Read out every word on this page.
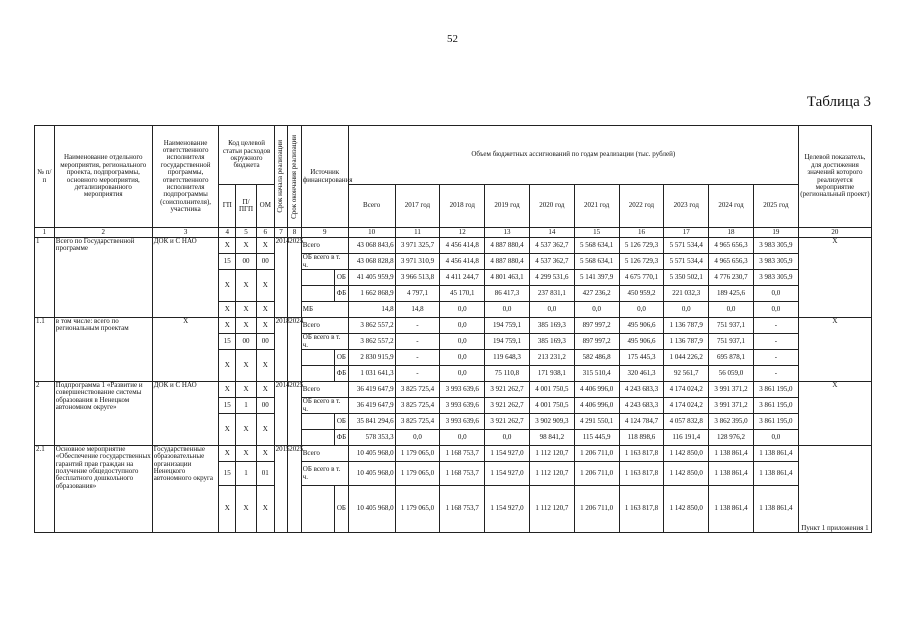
52
Таблица 3
№ п/п	Наименование отдельного мероприятия, регионального проекта, подпрограммы, основного мероприятия, детализированного мероприятия	Наименование ответственного исполнителя государственной программы, ответственного исполнителя подпрограммы (соисполнителя), участника	Код целевой статьи расходов окружного бюджета			Срок начала реализации	Срок окончания реализации	Источник финансирования		Объем бюджетных ассигнований по годам реализации (тыс. рублей)										Целевой показатель, для достижения значений которого реализуется мероприятие (региональный проект)
			ГП	П/ ПГП	ОМ					Всего	2017 год	2018 год	2019 год	2020 год	2021 год	2022 год	2023 год	2024 год	2025 год	
1	2	3	4	5	6	7	8	9		10	11	12	13	14	15	16	17	18	19	20
1	Всего по Государственной программе	ДОК и С НАО	X	X	X	2014	2025	Всего		43 068 843,6	3 971 325,7	4 456 414,8	4 887 880,4	4 537 362,7	5 568 634,1	5 126 729,3	5 571 534,4	4 965 656,3	3 983 305,9	X
			15	00	00			ОБ всего в т. ч.		43 068 828,8	3 971 310,9	4 456 414,8	4 887 880,4	4 537 362,7	5 568 634,1	5 126 729,3	5 571 534,4	4 965 656,3	3 983 305,9	
			X	X	X				ОБ	41 405 959,9	3 966 513,8	4 411 244,7	4 801 463,1	4 299 531,6	5 141 397,9	4 675 770,1	5 350 502,1	4 776 230,7	3 983 305,9	
									ФБ	1 662 868,9	4 797,1	45 170,1	86 417,3	237 831,1	427 236,2	450 959,2	221 032,3	189 425,6	0,0	
			X	X	X			МБ		14,8	14,8	0,0	0,0	0,0	0,0	0,0	0,0	0,0	0,0	
1.1	в том числе: всего по региональным проектам	X	X	X	X	2018	2024	Всего		3 862 557,2	-	0,0	194 759,1	385 169,3	897 997,2	495 906,6	1 136 787,9	751 937,1	-	X
			15	00	00			ОБ всего в т. ч.		3 862 557,2	-	0,0	194 759,1	385 169,3	897 997,2	495 906,6	1 136 787,9	751 937,1	-	
			X	X	X				ОБ	2 830 915,9	-	0,0	119 648,3	213 231,2	582 486,8	175 445,3	1 044 226,2	695 878,1	-	
									ФБ	1 031 641,3	-	0,0	75 110,8	171 938,1	315 510,4	320 461,3	92 561,7	56 059,0	-	
2	Подпрограмма 1 «Развитие и совершенствование системы образования в Ненецком автономном округе»	ДОК и С НАО	X	X	X	2014	2025	Всего		36 419 647,9	3 825 725,4	3 993 639,6	3 921 262,7	4 001 750,5	4 406 996,0	4 243 683,3	4 174 024,2	3 991 371,2	3 861 195,0	X
			15	1	00			ОБ всего в т. ч.		36 419 647,9	3 825 725,4	3 993 639,6	3 921 262,7	4 001 750,5	4 406 996,0	4 243 683,3	4 174 024,2	3 991 371,2	3 861 195,0	
			X	X	X				ОБ	35 841 294,6	3 825 725,4	3 993 639,6	3 921 262,7	3 902 909,3	4 291 550,1	4 124 784,7	4 057 832,8	3 862 395,0	3 861 195,0	
									ФБ	578 353,3	0,0	0,0	0,0	98 841,2	115 445,9	118 898,6	116 191,4	128 976,2	0,0	
2.1	Основное мероприятие «Обеспечение государственных гарантий прав граждан на получение общедоступного бесплатного дошкольного образования»	Государственные образовательные организации Ненецкого автономного округа	X	X	X	2015	2025	Всего		10 405 968,0	1 179 065,0	1 168 753,7	1 154 927,0	1 112 120,7	1 206 711,0	1 163 817,8	1 142 850,0	1 138 861,4	1 138 861,4	Пункт 1 приложения 1
			15	1	01			ОБ всего в т. ч.		10 405 968,0	1 179 065,0	1 168 753,7	1 154 927,0	1 112 120,7	1 206 711,0	1 163 817,8	1 142 850,0	1 138 861,4	1 138 861,4	
			X	X	X				ОБ	10 405 968,0	1 179 065,0	1 168 753,7	1 154 927,0	1 112 120,7	1 206 711,0	1 163 817,8	1 142 850,0	1 138 861,4	1 138 861,4	
